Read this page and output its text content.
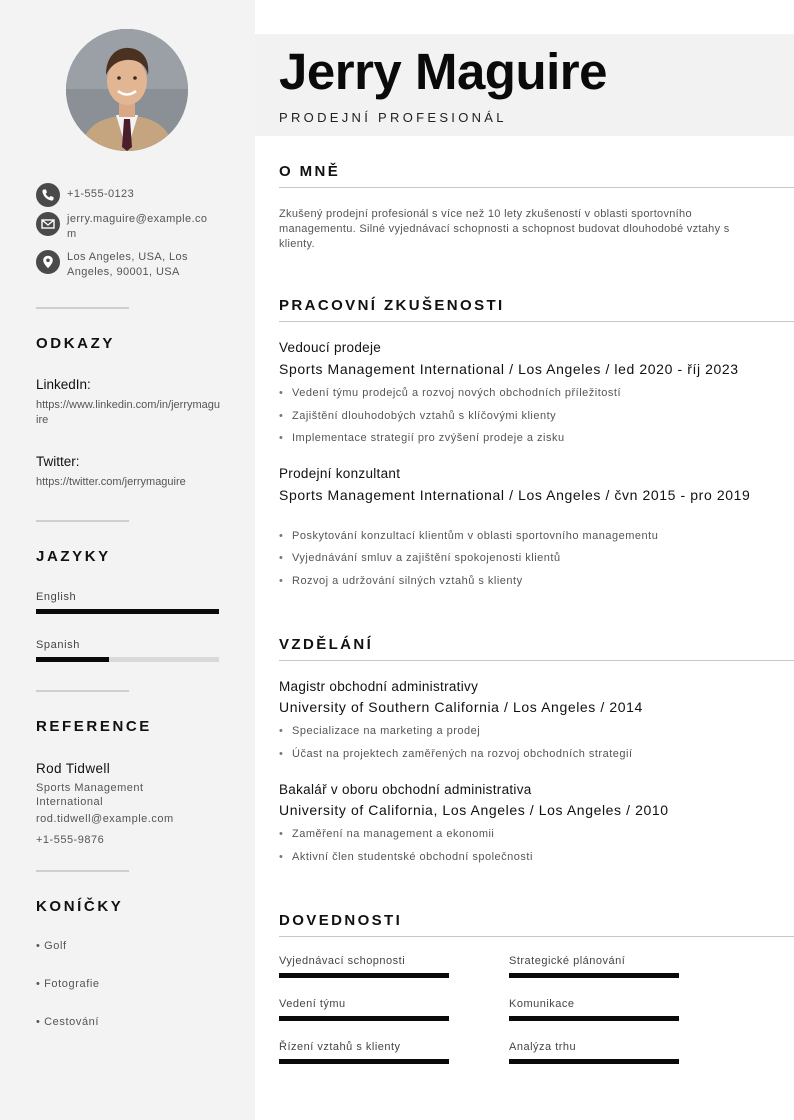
+1-555-0123
jerry.maguire@example.com
Los Angeles, USA, Los Angeles, 90001, USA
ODKAZY
LinkedIn:
https://www.linkedin.com/in/jerrymaguire
Twitter:
https://twitter.com/jerrymaguire
JAZYKY
English
Spanish
REFERENCE
Rod Tidwell
Sports Management International
rod.tidwell@example.com
+1-555-9876
KONÍČKY
• Golf
• Fotografie
• Cestování
Jerry Maguire
PRODEJNÍ PROFESIONÁL
O MNĚ
Zkušený prodejní profesionál s více než 10 lety zkušeností v oblasti sportovního managementu. Silné vyjednávací schopnosti a schopnost budovat dlouhodobé vztahy s klienty.
PRACOVNÍ ZKUŠENOSTI
Vedoucí prodeje
Sports Management International / Los Angeles / led 2020 - říj 2023
• Vedení týmu prodejců a rozvoj nových obchodních příležitostí
• Zajištění dlouhodobých vztahů s klíčovými klienty
• Implementace strategií pro zvýšení prodeje a zisku
Prodejní konzultant
Sports Management International / Los Angeles / čvn 2015 - pro 2019
• Poskytování konzultací klientům v oblasti sportovního managementu
• Vyjednávání smluv a zajištění spokojenosti klientů
• Rozvoj a udržování silných vztahů s klienty
VZDĚLÁNÍ
Magistr obchodní administrativy
University of Southern California / Los Angeles / 2014
• Specializace na marketing a prodej
• Účast na projektech zaměřených na rozvoj obchodních strategií
Bakalář v oboru obchodní administrativa
University of California, Los Angeles / Los Angeles / 2010
• Zaměření na management a ekonomii
• Aktivní člen studentské obchodní společnosti
DOVEDNOSTI
Vyjednávací schopnosti	Strategické plánování
Vedení týmu	Komunikace
Řízení vztahů s klienty	Analýza trhu
